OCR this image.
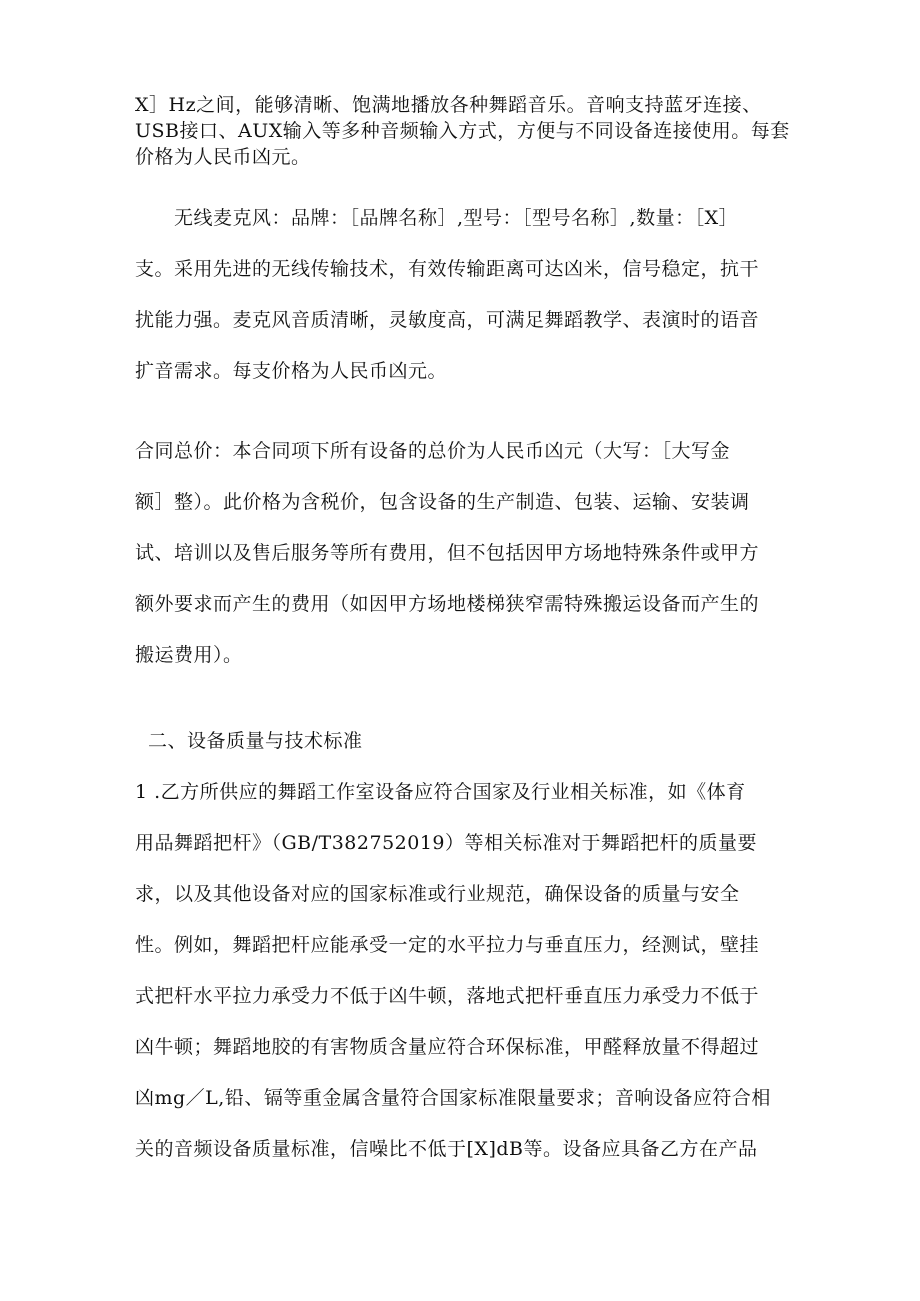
X］Hz之间，能够清晰、饱满地播放各种舞蹈音乐。音响支持蓝牙连接、
USB接口、AUX输入等多种音频输入方式，方便与不同设备连接使用。每套
价格为人民币凶元。

　　无线麦克风：品牌：［品牌名称］,型号：［型号名称］,数量：［X］
支。采用先进的无线传输技术，有效传输距离可达凶米，信号稳定，抗干
扰能力强。麦克风音质清晰，灵敏度高，可满足舞蹈教学、表演时的语音
扩音需求。每支价格为人民币凶元。

合同总价：本合同项下所有设备的总价为人民币凶元（大写：［大写金
额］整）。此价格为含税价，包含设备的生产制造、包装、运输、安装调
试、培训以及售后服务等所有费用，但不包括因甲方场地特殊条件或甲方
额外要求而产生的费用（如因甲方场地楼梯狭窄需特殊搬运设备而产生的
搬运费用）。

二、设备质量与技术标准

1 .乙方所供应的舞蹈工作室设备应符合国家及行业相关标准，如《体育
用品舞蹈把杆》（GB/T382752019）等相关标准对于舞蹈把杆的质量要
求，以及其他设备对应的国家标准或行业规范，确保设备的质量与安全
性。例如，舞蹈把杆应能承受一定的水平拉力与垂直压力，经测试，壁挂
式把杆水平拉力承受力不低于凶牛顿，落地式把杆垂直压力承受力不低于
凶牛顿；舞蹈地胶的有害物质含量应符合环保标准，甲醛释放量不得超过
凶mg／L,铅、镉等重金属含量符合国家标准限量要求；音响设备应符合相
关的音频设备质量标准，信噪比不低于[X]dB等。设备应具备乙方在产品
